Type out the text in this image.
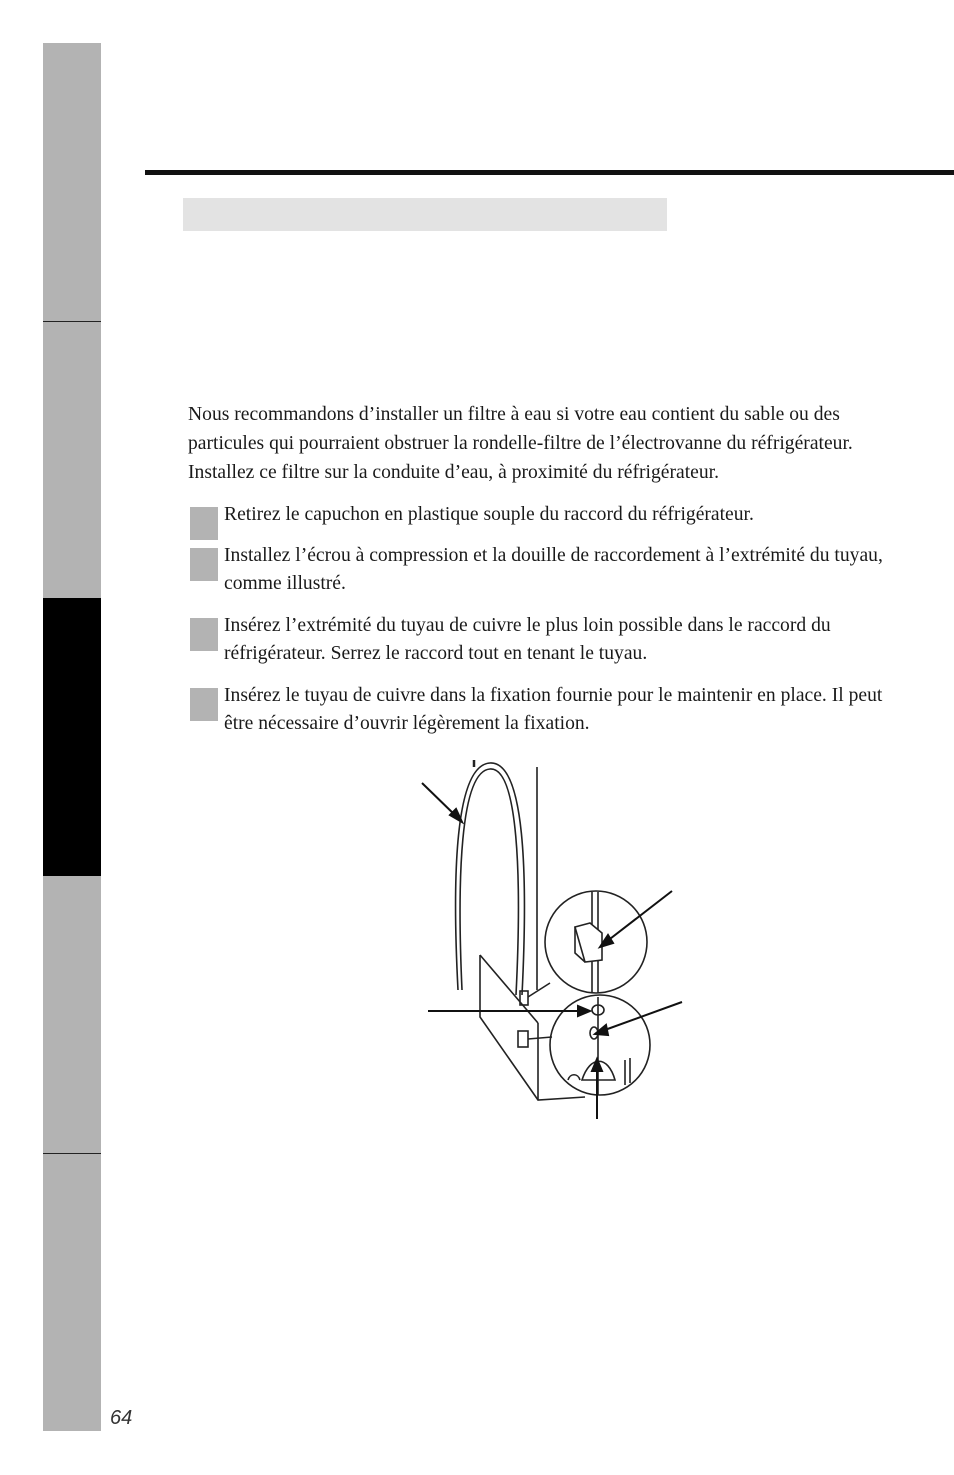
Nous recommandons d’installer un filtre à eau si votre eau contient du sable ou des particules qui pourraient obstruer la rondelle-filtre de l’électrovanne du réfrigérateur. Installez ce filtre sur la conduite d’eau, à proximité du réfrigérateur.

Retirez le capuchon en plastique souple du raccord du réfrigérateur.

Installez l’écrou à compression et la douille de raccordement à l’extrémité du tuyau, comme illustré.

Insérez l’extrémité du tuyau de cuivre le plus loin possible dans le raccord du réfrigérateur. Serrez le raccord tout en tenant le tuyau.

Insérez le tuyau de cuivre dans la fixation fournie pour le maintenir en place. Il peut être nécessaire d’ouvrir légèrement la fixation.

64
